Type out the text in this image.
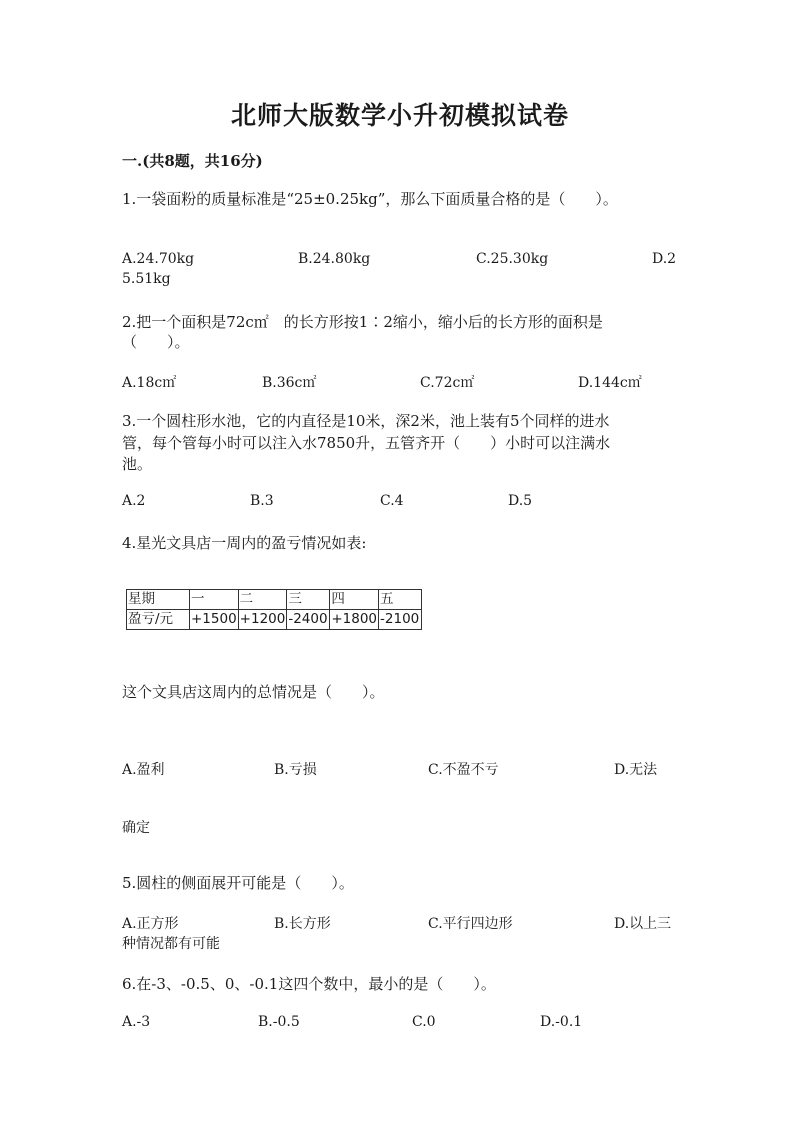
北师大版数学小升初模拟试卷
一.(共8题，共16分)
1.一袋面粉的质量标准是“25±0.25kg”，那么下面质量合格的是（　　）。
A.24.70kg	B.24.80kg	C.25.30kg	D.2
5.51kg
2.把一个面积是72c㎡　的长方形按1∶2缩小，缩小后的长方形的面积是
（　　）。
A.18c㎡	B.36c㎡	C.72c㎡	D.144c㎡
3.一个圆柱形水池，它的内直径是10米，深2米，池上装有5个同样的进水
管，每个管每小时可以注入水7850升，五管齐开（　　）小时可以注满水
池。
A.2	B.3	C.4	D.5
4.星光文具店一周内的盈亏情况如表:
星期	一	二	三	四	五
盈亏/元	+1500	+1200	-2400	+1800	-2100
这个文具店这周内的总情况是（　　）。
A.盈利	B.亏损	C.不盈不亏	D.无法
确定
5.圆柱的侧面展开可能是（　　）。
A.正方形	B.长方形	C.平行四边形	D.以上三
种情况都有可能
6.在-3、-0.5、0、-0.1这四个数中，最小的是（　　）。
A.-3	B.-0.5	C.0	D.-0.1
